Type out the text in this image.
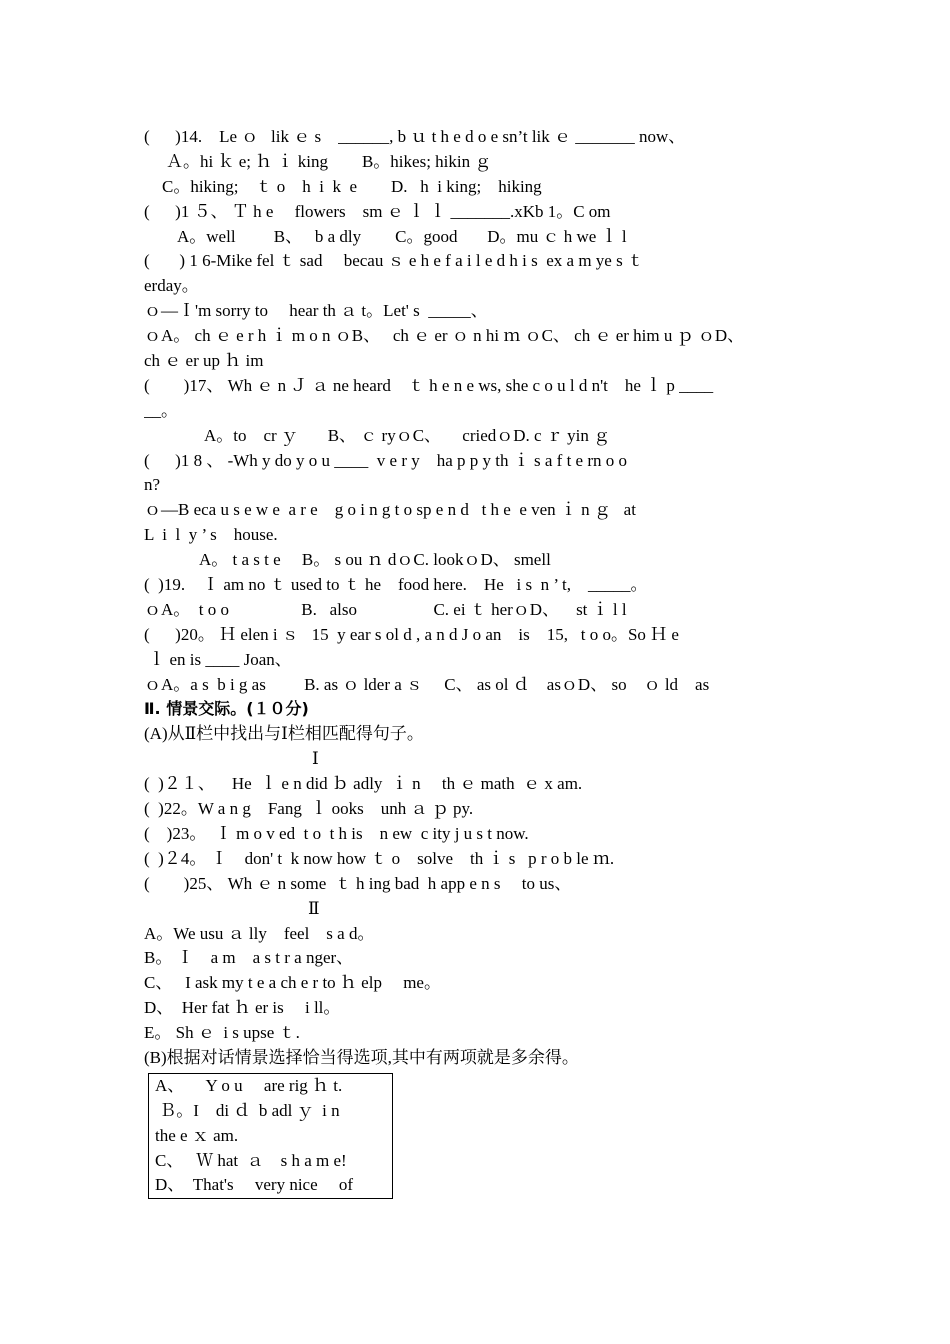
(      )14.    Le ｏ   lik ｅ s    ______, b ｕ t h e d o e sn’t lik ｅ _______ now、
Ａ。hi ｋ e; ｈ ｉ king        B。hikes; hikin ｇ
C。hiking;    ｔ o    h  i  k  e        D.   h  i king;    hiking
(      )1 ５、 Ｔ h e     flowers    sm ｅ ｌ ｌ _______.xKb 1。C om
A。well         B、   b a dly        C。good       D。mu ｃ h we ｌ l
(       ) 1 6-Mike fel ｔ sad     becau ｓ e h e f a i l e d h i s  ex a m ye s ｔ
erday。
ｏ—Ｉ'm sorry to     hear th ａ t。Let' s  _____、
ｏA。 ch ｅ e r h ｉ m o n ｏB、   ch ｅ er ｏ n hi ｍ ｏC、 ch ｅ er him u ｐ ｏD、
ch ｅ er up ｈ im
(        )17、 Wh ｅ n Ｊ ａ ne heard    ｔ h e n e ws, she c o u l d n't    he ｌ p ____
__。
A。to    cr ｙ       B、 ｃ ryｏC、     criedｏD. c ｒ yin ｇ
(      )1 8 、 -Wh y do y o u ____  v e r y    ha p p y th ｉ s a f t e rn o o
n?
ｏ—B eca u s e w e  a r e    g o i n g t o sp e n d   t h e  e ven ｉ n ｇ   at
L  i  l  y ’ s    house.
A。 t a s t e     B。 s ou ｎ dｏC. lookｏD、 smell
(  )19.    Ｉ am no ｔ used to ｔ he    food here.    He   i s  n ’ t,    _____。
ｏA。  t o o                 B.   also                  C. ei ｔ herｏD、    st ｉ l l
(      )20。 Ｈ elen i ｓ   15  y ear s ol d , a n d J o an    is    15,   t o o。So Ｈ e
ｌ en is ____ Joan、
ｏA。a s  b i g as         B. as ｏ lder a ｓ     C、 as ol ｄ    asｏD、 so    ｏ ld    as
Ⅱ. 情景交际。(１０分)
(A)从Ⅱ栏中找出与Ⅰ栏相匹配得句子。
Ⅰ
(  )２１、    He  ｌ e n did ｂ adly  ｉ n     th ｅ math  ｅ x am.
(  )22。W a n g    Fang  ｌ ooks    unh ａ ｐ py.
(    )23。  Ｉ m o v ed  t o  t h is    n ew  c ity j u s t now.
(  )２4。 Ｉ    don' t  k now how ｔ o    solve    th ｉ s   p r o b le ｍ.
(        )25、 Wh ｅ n some  ｔ h ing bad  h app e n s     to us、
Ⅱ
A。We usu ａ lly    feel    s a d。
B。 Ｉ    a m    a s t r a nger、
C、   I ask my t e a ch e r to ｈ elp     me。
D、  Her fat ｈ er is     i ll。
E。 Sh ｅ  i s upse ｔ.
(B)根据对话情景选择恰当得选项,其中有两项就是多余得。
A、     Y o u     are rig ｈ t.
Ｂ。I    di ｄ  b adl ｙ  i n
the e ｘ am.
C、   Ｗ hat  ａ    s h a m e!
D、  That's     very nice     of
